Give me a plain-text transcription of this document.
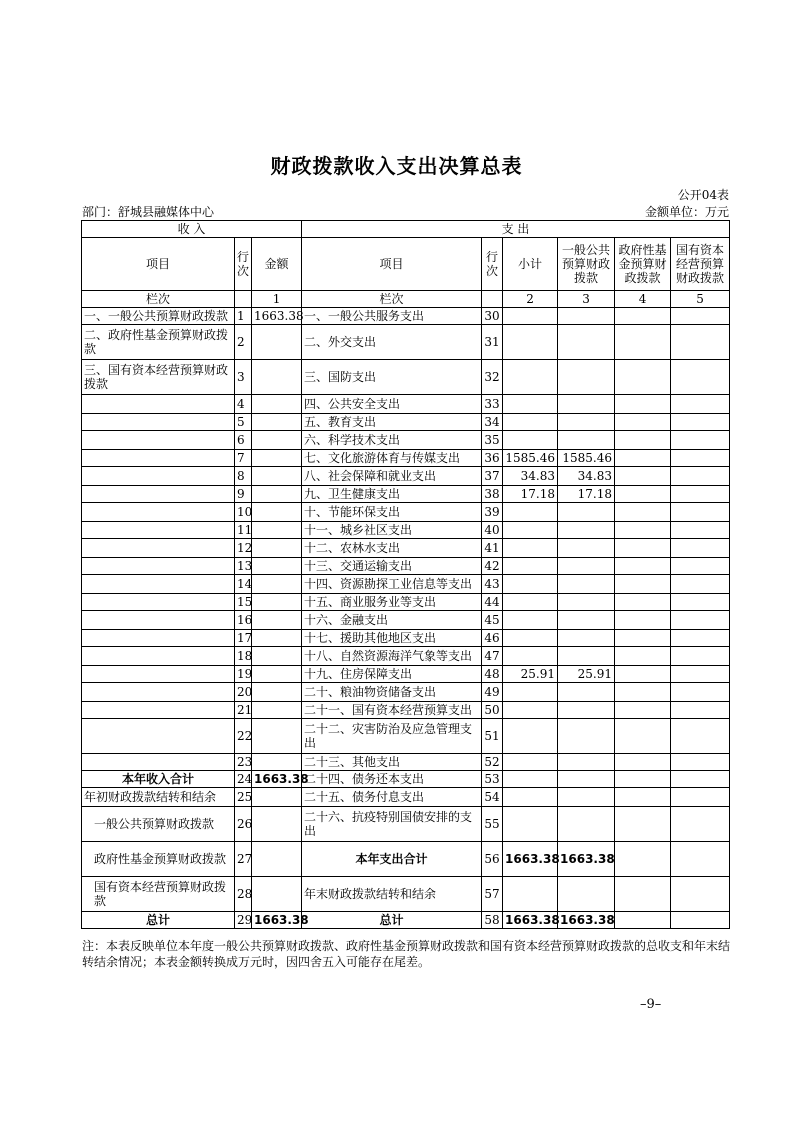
财政拨款收入支出决算总表
公开04表
部门：舒城县融媒体中心	金额单位：万元
收 入			支 出					
项目	行次	金额	项目	行次	小计	一般公共预算财政拨款	政府性基金预算财政拨款	国有资本经营预算财政拨款
栏次		1	栏次		2	3	4	5
一、一般公共预算财政拨款	1	1663.38	一、一般公共服务支出	30				
二、政府性基金预算财政拨款	2		二、外交支出	31				
三、国有资本经营预算财政拨款	3		三、国防支出	32				
	4		四、公共安全支出	33				
	5		五、教育支出	34				
	6		六、科学技术支出	35				
	7		七、文化旅游体育与传媒支出	36	1585.46	1585.46		
	8		八、社会保障和就业支出	37	34.83	34.83		
	9		九、卫生健康支出	38	17.18	17.18		
	10		十、节能环保支出	39				
	11		十一、城乡社区支出	40				
	12		十二、农林水支出	41				
	13		十三、交通运输支出	42				
	14		十四、资源勘探工业信息等支出	43				
	15		十五、商业服务业等支出	44				
	16		十六、金融支出	45				
	17		十七、援助其他地区支出	46				
	18		十八、自然资源海洋气象等支出	47				
	19		十九、住房保障支出	48	25.91	25.91		
	20		二十、粮油物资储备支出	49				
	21		二十一、国有资本经营预算支出	50				
	22		二十二、灾害防治及应急管理支出	51				
	23		二十三、其他支出	52				
本年收入合计	24	1663.38	二十四、债务还本支出	53				
年初财政拨款结转和结余	25		二十五、债务付息支出	54				
一般公共预算财政拨款	26		二十六、抗疫特别国债安排的支出	55				
政府性基金预算财政拨款	27		本年支出合计	56	1663.38	1663.38		
国有资本经营预算财政拨款	28		年末财政拨款结转和结余	57				
总计	29	1663.38	总计	58	1663.38	1663.38		
注：本表反映单位本年度一般公共预算财政拨款、政府性基金预算财政拨款和国有资本经营预算财政拨款的总收支和年末结转结余情况；本表金额转换成万元时，因四舍五入可能存在尾差。
–9–
